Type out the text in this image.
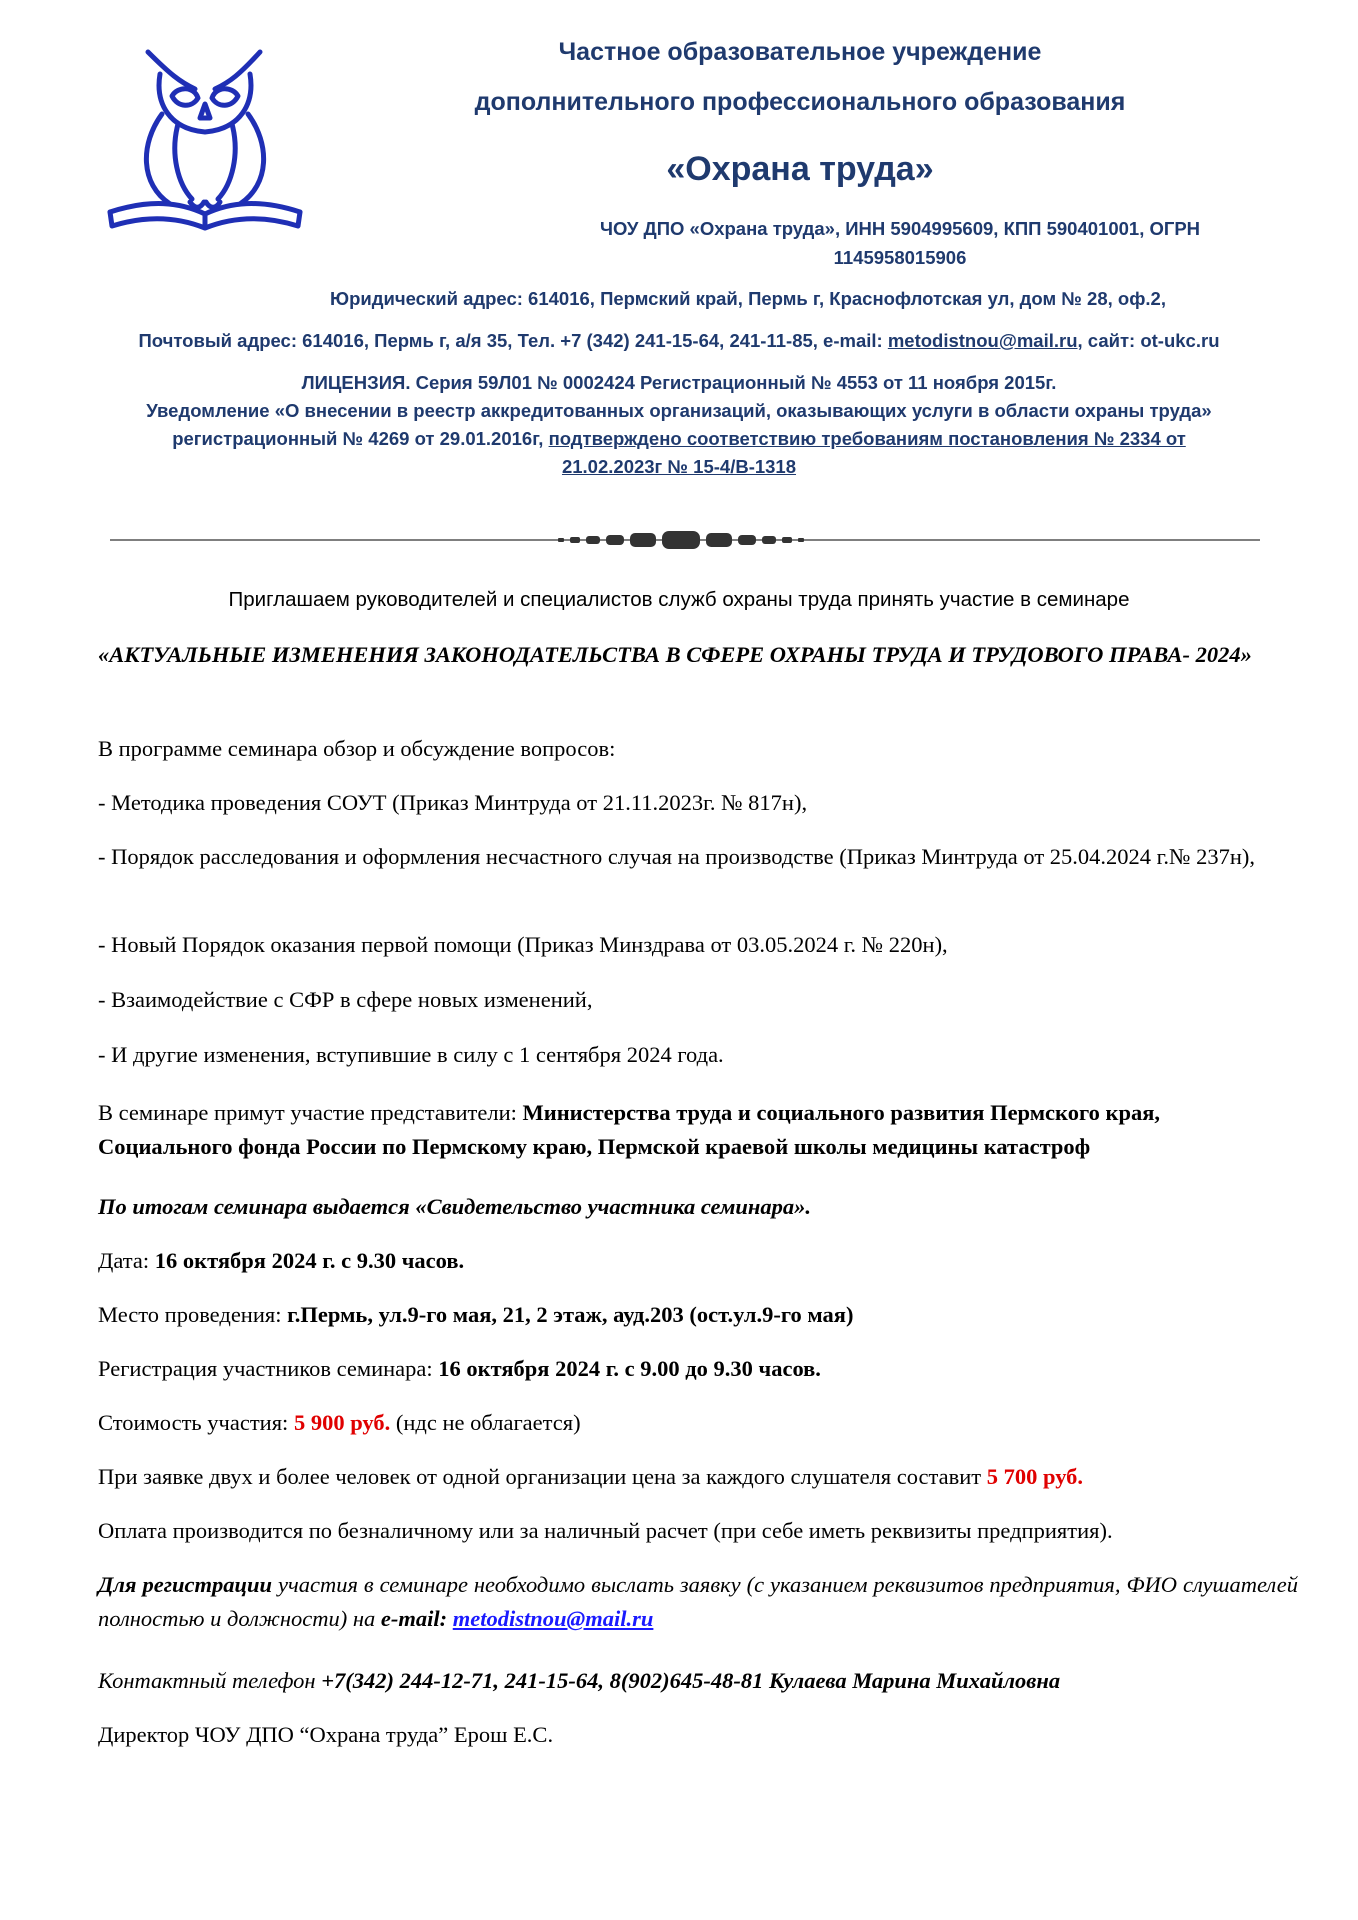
Частное образовательное учреждение

дополнительного профессионального образования

«Охрана труда»

ЧОУ ДПО «Охрана труда», ИНН 5904995609, КПП 590401001, ОГРН

1145958015906

Юридический адрес: 614016, Пермский край, Пермь г, Краснофлотская ул, дом № 28, оф.2,

Почтовый адрес: 614016, Пермь г, а/я 35, Тел. +7 (342) 241-15-64, 241-11-85, e-mail: metodistnou@mail.ru, сайт: ot-ukc.ru

ЛИЦЕНЗИЯ. Серия 59Л01 № 0002424 Регистрационный № 4553 от 11 ноября 2015г.

Уведомление «О внесении в реестр аккредитованных организаций, оказывающих услуги в области охраны труда»

регистрационный № 4269 от 29.01.2016г, подтверждено соответствию требованиям постановления № 2334 от

21.02.2023г № 15-4/В-1318

Приглашаем руководителей и специалистов служб охраны труда принять участие в семинаре

«АКТУАЛЬНЫЕ ИЗМЕНЕНИЯ ЗАКОНОДАТЕЛЬСТВА В СФЕРЕ ОХРАНЫ ТРУДА И ТРУДОВОГО ПРАВА- 2024»

В программе семинара обзор и обсуждение вопросов:

- Методика проведения СОУТ (Приказ Минтруда от 21.11.2023г. № 817н),

- Порядок расследования и оформления несчастного случая на производстве (Приказ Минтруда от 25.04.2024 г.№ 237н),

- Новый Порядок оказания первой помощи (Приказ Минздрава от 03.05.2024 г. № 220н),

- Взаимодействие с СФР в сфере новых изменений,

- И другие изменения, вступившие в силу с 1 сентября 2024 года.

В семинаре примут участие представители: Министерства труда и социального развития Пермского края, Социального фонда России по Пермскому краю, Пермской краевой школы медицины катастроф

По итогам семинара выдается «Свидетельство участника семинара».

Дата: 16 октября 2024 г. с 9.30 часов.

Место проведения: г.Пермь, ул.9-го мая, 21, 2 этаж, ауд.203 (ост.ул.9-го мая)

Регистрация участников семинара: 16 октября 2024 г. с 9.00 до 9.30 часов.

Стоимость участия: 5 900 руб. (ндс не облагается)

При заявке двух и более человек от одной организации цена за каждого слушателя составит 5 700 руб.

Оплата производится по безналичному или за наличный расчет (при себе иметь реквизиты предприятия).

Для регистрации участия в семинаре необходимо выслать заявку (с указанием реквизитов предприятия, ФИО слушателей полностью и должности) на e-mail: metodistnou@mail.ru

Контактный телефон +7(342) 244-12-71, 241-15-64, 8(902)645-48-81 Кулаева Марина Михайловна

Директор ЧОУ ДПО “Охрана труда” Ерош Е.С.
